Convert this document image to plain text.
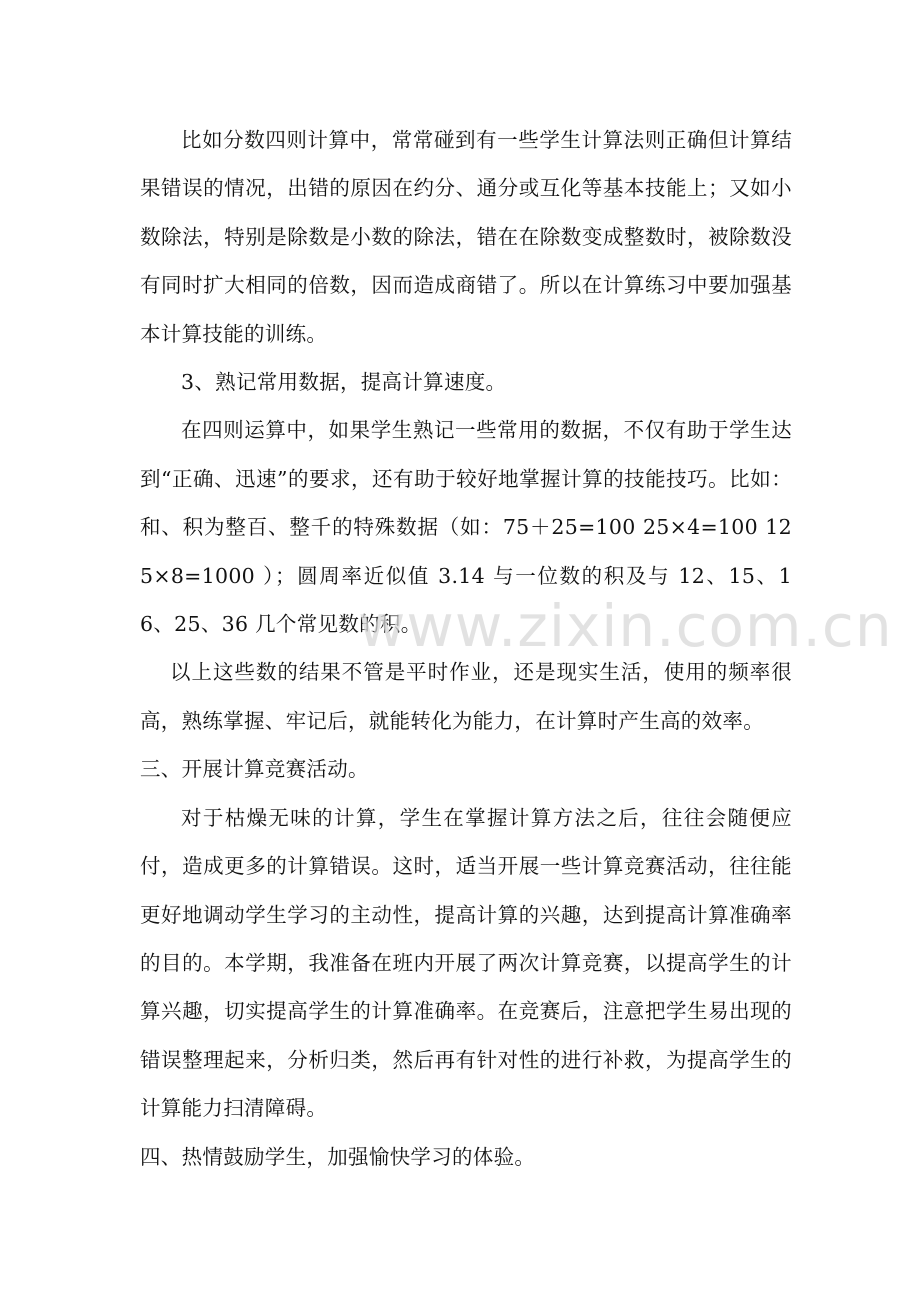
比如分数四则计算中，常常碰到有一些学生计算法则正确但计算结果错误的情况，出错的原因在约分、通分或互化等基本技能上；又如小数除法，特别是除数是小数的除法，错在在除数变成整数时，被除数没有同时扩大相同的倍数，因而造成商错了。所以在计算练习中要加强基本计算技能的训练。

3、熟记常用数据，提高计算速度。

在四则运算中，如果学生熟记一些常用的数据，不仅有助于学生达到“正确、迅速”的要求，还有助于较好地掌握计算的技能技巧。比如：和、积为整百、整千的特殊数据（如：75＋25=100 25×4=100 125×8=1000 ）；圆周率近似值 3.14 与一位数的积及与 12、15、16、25、36 几个常见数的积。

以上这些数的结果不管是平时作业，还是现实生活，使用的频率很高，熟练掌握、牢记后，就能转化为能力，在计算时产生高的效率。

三、开展计算竞赛活动。

对于枯燥无味的计算，学生在掌握计算方法之后，往往会随便应付，造成更多的计算错误。这时，适当开展一些计算竞赛活动，往往能更好地调动学生学习的主动性，提高计算的兴趣，达到提高计算准确率的目的。本学期，我准备在班内开展了两次计算竞赛，以提高学生的计算兴趣，切实提高学生的计算准确率。在竞赛后，注意把学生易出现的错误整理起来，分析归类，然后再有针对性的进行补救，为提高学生的计算能力扫清障碍。

四、热情鼓励学生，加强愉快学习的体验。

www.zixin.com.cn
